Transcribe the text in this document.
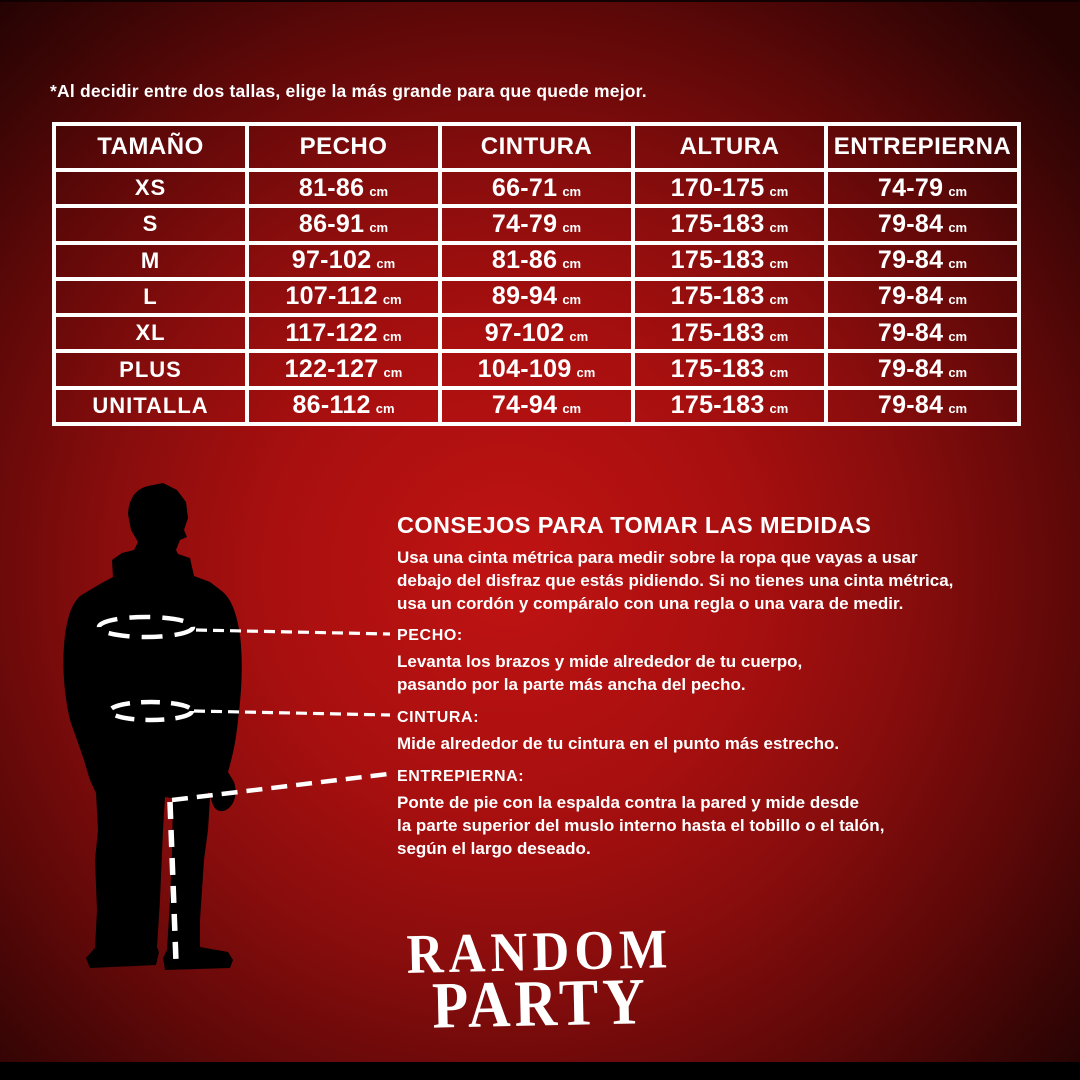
*Al decidir entre dos tallas, elige la más grande para que quede mejor.
TAMAÑO	PECHO	CINTURA	ALTURA	ENTREPIERNA
XS	81-86 cm	66-71 cm	170-175 cm	74-79 cm
S	86-91 cm	74-79 cm	175-183 cm	79-84 cm
M	97-102 cm	81-86 cm	175-183 cm	79-84 cm
L	107-112 cm	89-94 cm	175-183 cm	79-84 cm
XL	117-122 cm	97-102 cm	175-183 cm	79-84 cm
PLUS	122-127 cm	104-109 cm	175-183 cm	79-84 cm
UNITALLA	86-112 cm	74-94 cm	175-183 cm	79-84 cm
CONSEJOS PARA TOMAR LAS MEDIDAS
Usa una cinta métrica para medir sobre la ropa que vayas a usar
debajo del disfraz que estás pidiendo. Si no tienes una cinta métrica,
usa un cordón y compáralo con una regla o una vara de medir.
PECHO:
Levanta los brazos y mide alrededor de tu cuerpo,
pasando por la parte más ancha del pecho.
CINTURA:
Mide alrededor de tu cintura en el punto más estrecho.
ENTREPIERNA:
Ponte de pie con la espalda contra la pared y mide desde
la parte superior del muslo interno hasta el tobillo o el talón,
según el largo deseado.
RANDOM
PARTY
